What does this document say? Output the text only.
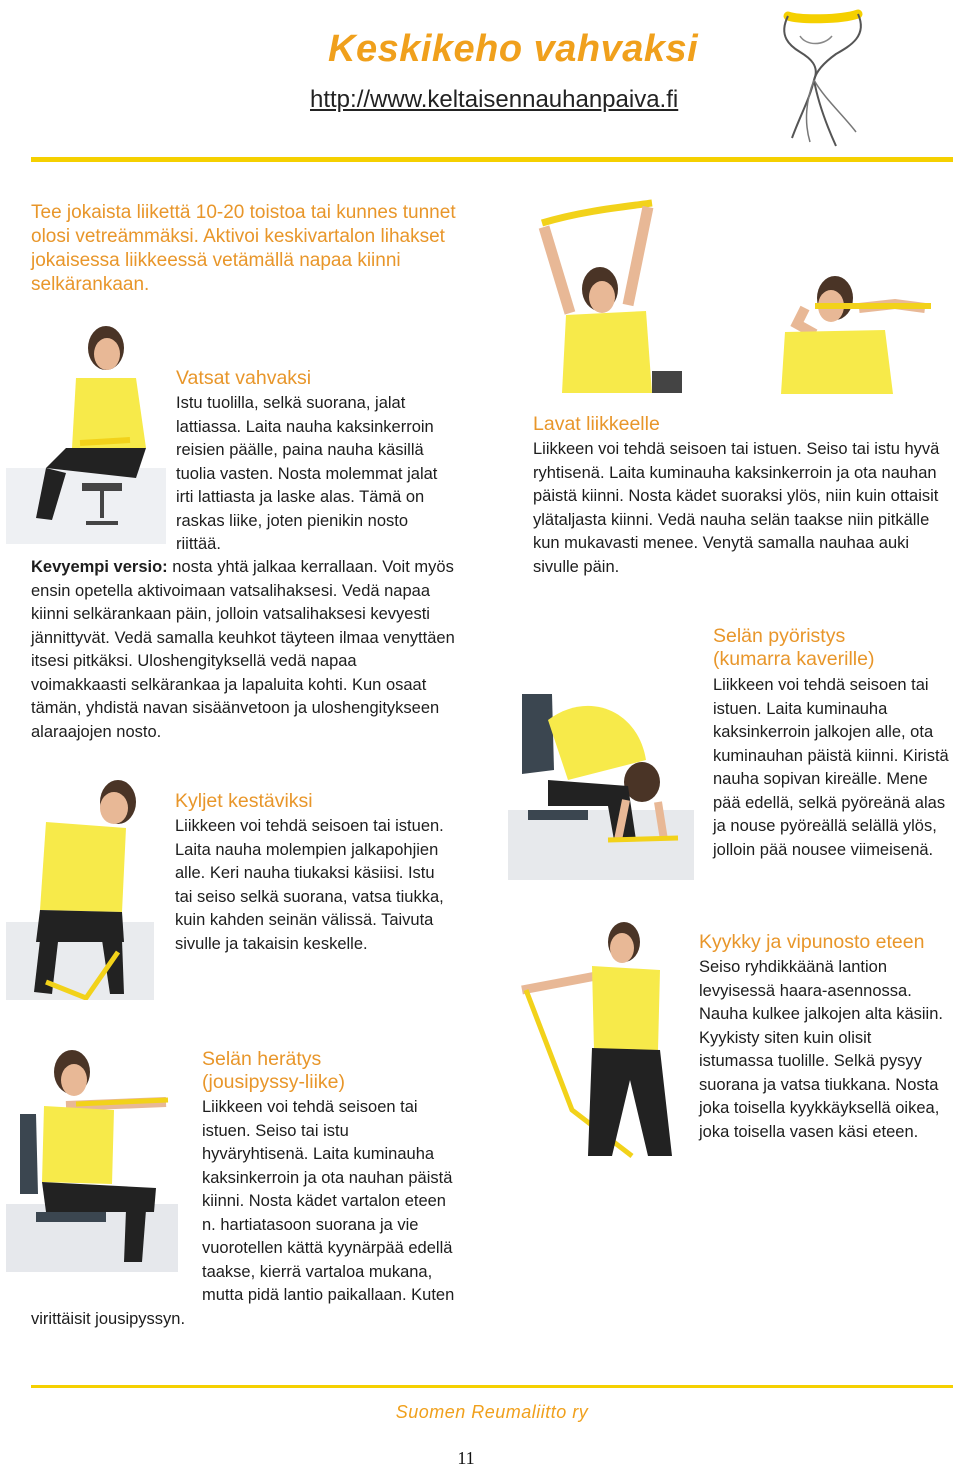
Keskikeho vahvaksi
http://www.keltaisennauhanpaiva.fi
Tee jokaista liikettä 10-20 toistoa tai kunnes tunnet olosi vetreämmäksi. Aktivoi keskivartalon lihakset jokaisessa liikkeessä vetämällä napaa kiinni selkärankaan.
Vatsat vahvaksi
Istu tuolilla, selkä suorana, jalat lattiassa. Laita nauha kaksinkerroin reisien päälle, paina nauha käsillä tuolia vasten. Nosta molemmat jalat irti lattiasta ja laske alas. Tämä on raskas liike, joten pienikin nosto riittää.
Kevyempi versio: nosta yhtä jalkaa kerrallaan. Voit myös ensin opetella aktivoimaan vatsalihaksesi. Vedä napaa kiinni selkärankaan päin, jolloin vatsalihaksesi kevyesti jännittyvät. Vedä samalla keuhkot täyteen ilmaa venyttäen itsesi pitkäksi. Uloshengityksellä vedä napaa voimakkaasti selkärankaa ja lapaluita kohti. Kun osaat tämän, yhdistä navan sisäänvetoon ja uloshengitykseen alaraajojen nosto.
Kyljet kestäviksi
Liikkeen voi tehdä seisoen tai istuen. Laita nauha molempien jalkapohjien alle. Keri nauha tiukaksi käsiisi. Istu tai seiso selkä suorana, vatsa tiukka, kuin kahden seinän välissä. Taivuta sivulle ja takaisin keskelle.
Selän herätys
(jousipyssy-liike)
Liikkeen voi tehdä seisoen tai istuen. Seiso tai istu hyväryhtisenä. Laita kuminauha kaksinkerroin ja ota nauhan päistä kiinni. Nosta kädet vartalon eteen n. hartiatasoon suorana ja vie vuorotellen kättä kyynärpää edellä taakse, kierrä vartaloa mukana, mutta pidä lantio paikallaan. Kuten virittäisit jousipyssyn.
Lavat liikkeelle
Liikkeen voi tehdä seisoen tai istuen. Seiso tai istu hyvä ryhtisenä. Laita kuminauha kaksinkerroin ja ota nauhan päistä kiinni. Nosta kädet suoraksi ylös, niin kuin ottaisit ylätaljasta kiinni. Vedä nauha selän taakse niin pitkälle kun mukavasti menee. Venytä samalla nauhaa auki sivulle päin.
Selän pyöristys
(kumarra kaverille)
Liikkeen voi tehdä seisoen tai istuen. Laita kuminauha kaksinkerroin jalkojen alle, ota kuminauhan päistä kiinni. Kiristä nauha sopivan kireälle. Mene pää edellä, selkä pyöreänä alas ja nouse pyöreällä selällä ylös, jolloin pää nousee viimeisenä.
Kyykky ja vipunosto eteen
Seiso ryhdikkäänä lantion levyisessä haara-asennossa. Nauha kulkee jalkojen alta käsiin. Kyykisty siten kuin olisit istumassa tuolille. Selkä pysyy suorana ja vatsa tiukkana. Nosta joka toisella kyykkäyksellä oikea, joka toisella vasen käsi eteen.
Suomen Reumaliitto ry
11
